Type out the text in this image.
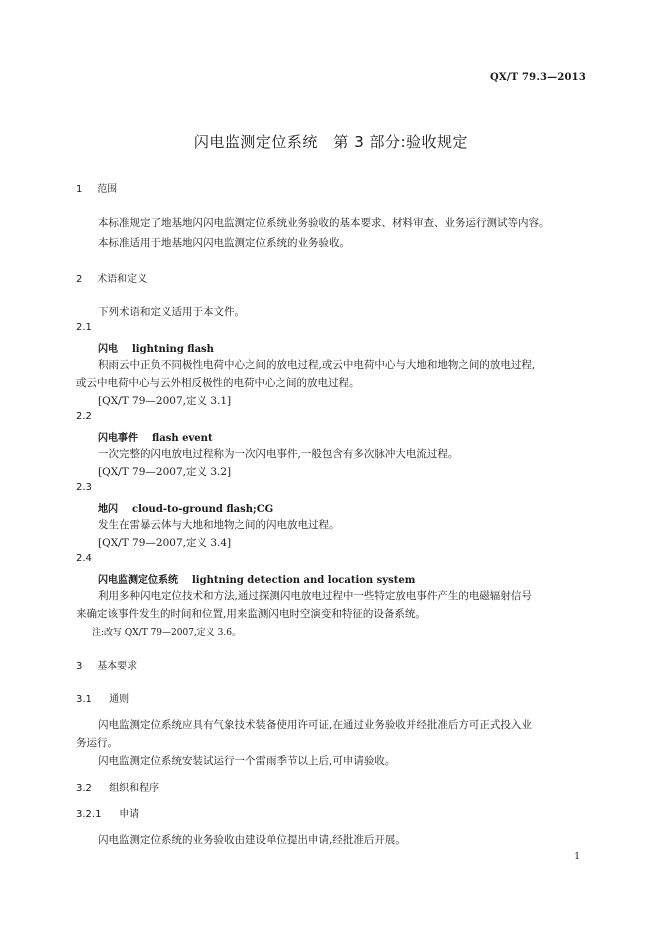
QX/T 79.3—2013
闪电监测定位系统　第 3 部分:验收规定
1 范围
本标准规定了地基地闪闪电监测定位系统业务验收的基本要求、材料审查、业务运行测试等内容。
本标准适用于地基地闪闪电监测定位系统的业务验收。
2 术语和定义
下列术语和定义适用于本文件。
2.1
闪电 lightning flash
积雨云中正负不同极性电荷中心之间的放电过程,或云中电荷中心与大地和地物之间的放电过程,
或云中电荷中心与云外相反极性的电荷中心之间的放电过程。
[QX/T 79—2007,定义 3.1]
2.2
闪电事件 flash event
一次完整的闪电放电过程称为一次闪电事件,一般包含有多次脉冲大电流过程。
[QX/T 79—2007,定义 3.2]
2.3
地闪 cloud-to-ground flash;CG
发生在雷暴云体与大地和地物之间的闪电放电过程。
[QX/T 79—2007,定义 3.4]
2.4
闪电监测定位系统 lightning detection and location system
利用多种闪电定位技术和方法,通过探测闪电放电过程中一些特定放电事件产生的电磁辐射信号
来确定该事件发生的时间和位置,用来监测闪电时空演变和特征的设备系统。
注:改写 QX/T 79—2007,定义 3.6。
3 基本要求
3.1 通则
闪电监测定位系统应具有气象技术装备使用许可证,在通过业务验收并经批准后方可正式投入业
务运行。
闪电监测定位系统安装试运行一个雷雨季节以上后,可申请验收。
3.2 组织和程序
3.2.1 申请
闪电监测定位系统的业务验收由建设单位提出申请,经批准后开展。
1
